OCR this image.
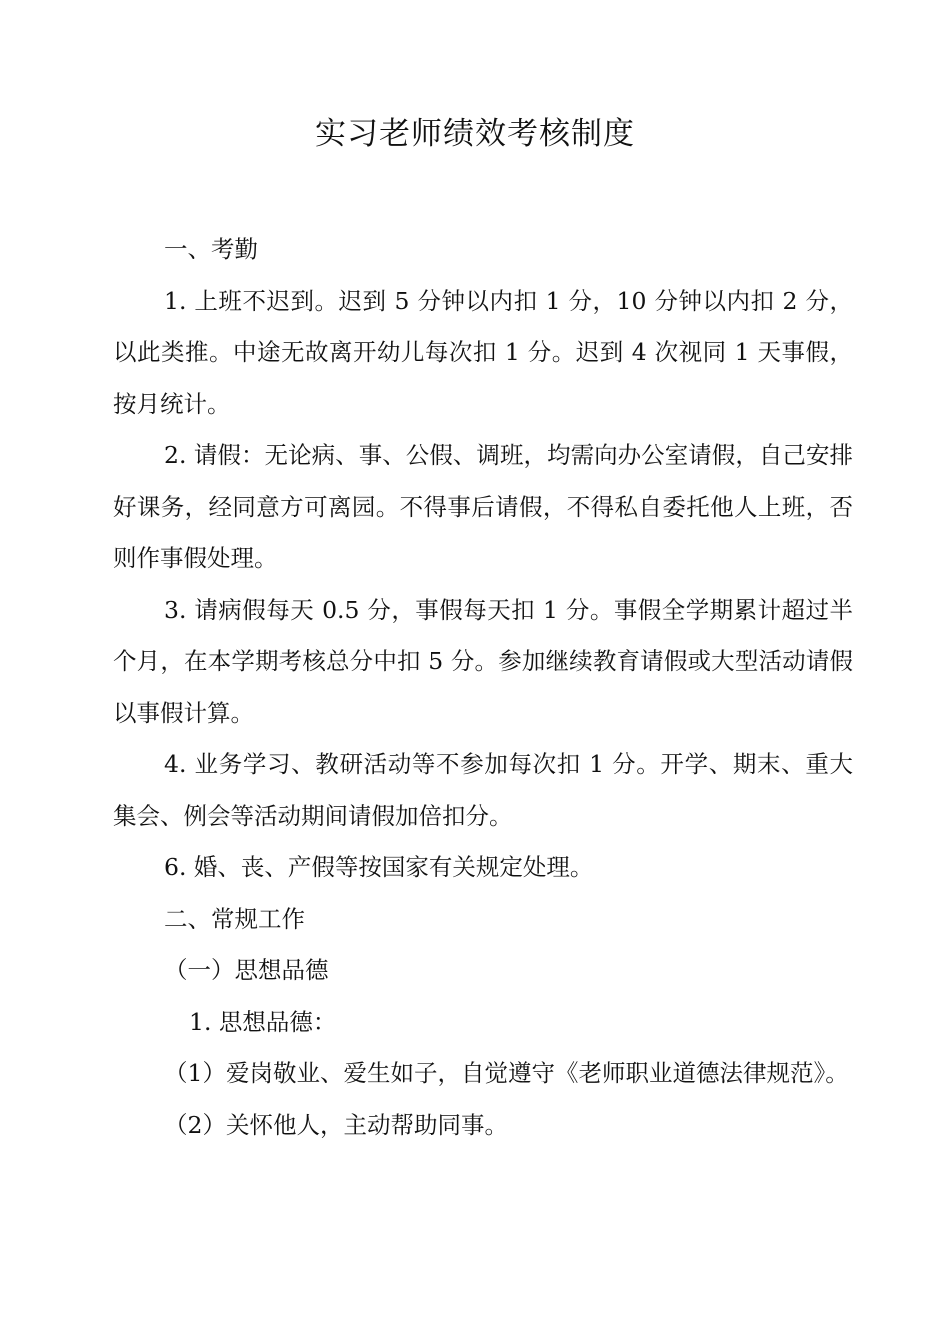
实习老师绩效考核制度

一、考勤

1. 上班不迟到。迟到 5 分钟以内扣 1 分，10 分钟以内扣 2 分，以此类推。中途无故离开幼儿每次扣 1 分。迟到 4 次视同 1 天事假，按月统计。

2. 请假：无论病、事、公假、调班，均需向办公室请假，自己安排好课务，经同意方可离园。不得事后请假，不得私自委托他人上班，否则作事假处理。

3. 请病假每天 0.5 分，事假每天扣 1 分。事假全学期累计超过半个月，在本学期考核总分中扣 5 分。参加继续教育请假或大型活动请假以事假计算。

4. 业务学习、教研活动等不参加每次扣 1 分。开学、期末、重大集会、例会等活动期间请假加倍扣分。

6. 婚、丧、产假等按国家有关规定处理。

二、常规工作

（一）思想品德

1. 思想品德：

（1）爱岗敬业、爱生如子，自觉遵守《老师职业道德法律规范》。

（2）关怀他人，主动帮助同事。
